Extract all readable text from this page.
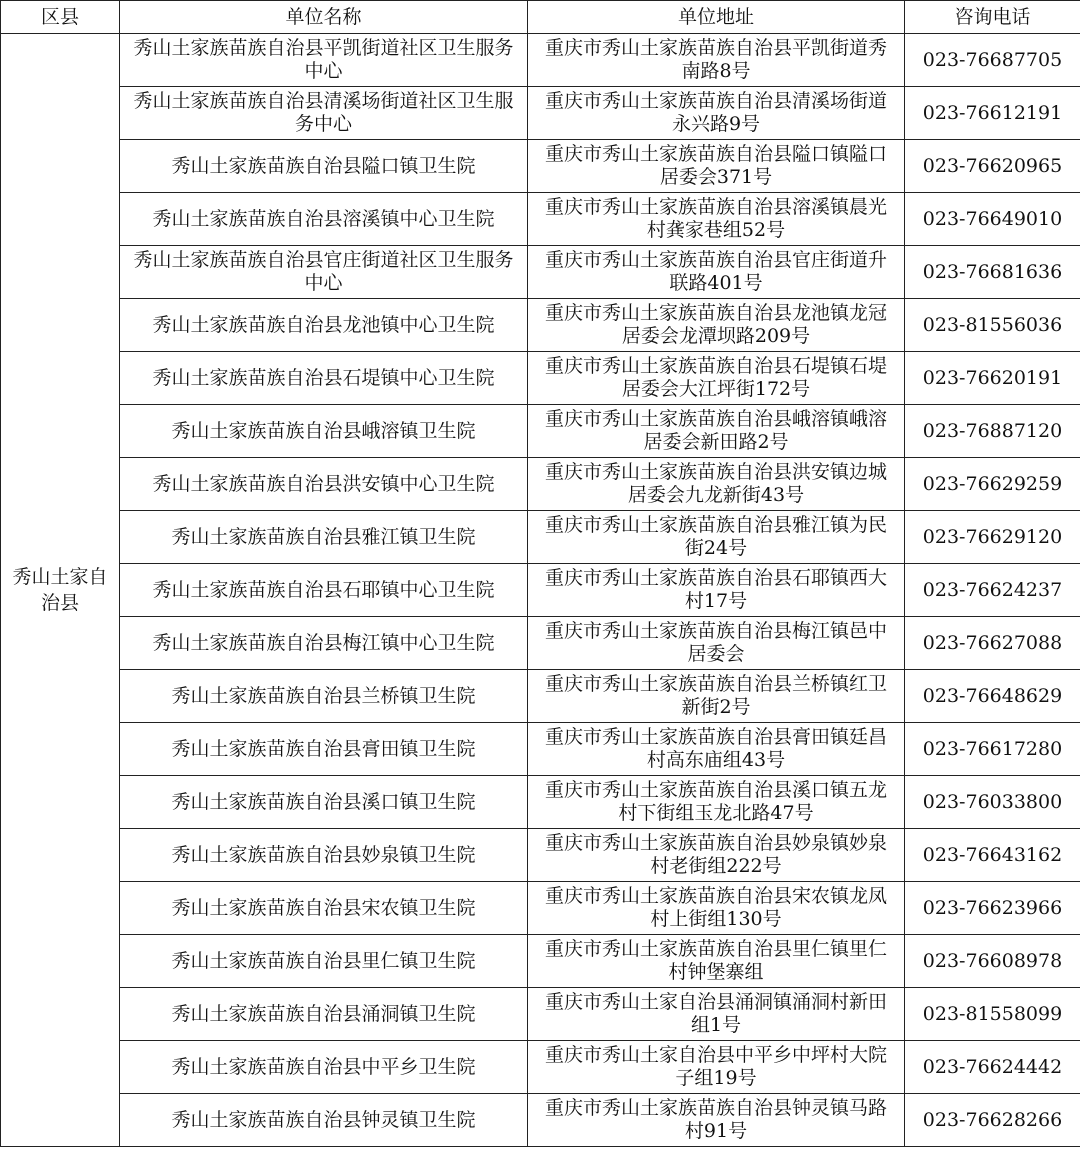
区县	单位名称	单位地址	咨询电话
秀山土家自治县	秀山土家族苗族自治县平凯街道社区卫生服务中心	重庆市秀山土家族苗族自治县平凯街道秀南路8号	023-76687705
	秀山土家族苗族自治县清溪场街道社区卫生服务中心	重庆市秀山土家族苗族自治县清溪场街道永兴路9号	023-76612191
	秀山土家族苗族自治县隘口镇卫生院	重庆市秀山土家族苗族自治县隘口镇隘口居委会371号	023-76620965
	秀山土家族苗族自治县溶溪镇中心卫生院	重庆市秀山土家族苗族自治县溶溪镇晨光村龚家巷组52号	023-76649010
	秀山土家族苗族自治县官庄街道社区卫生服务中心	重庆市秀山土家族苗族自治县官庄街道升联路401号	023-76681636
	秀山土家族苗族自治县龙池镇中心卫生院	重庆市秀山土家族苗族自治县龙池镇龙冠居委会龙潭坝路209号	023-81556036
	秀山土家族苗族自治县石堤镇中心卫生院	重庆市秀山土家族苗族自治县石堤镇石堤居委会大江坪街172号	023-76620191
	秀山土家族苗族自治县峨溶镇卫生院	重庆市秀山土家族苗族自治县峨溶镇峨溶居委会新田路2号	023-76887120
	秀山土家族苗族自治县洪安镇中心卫生院	重庆市秀山土家族苗族自治县洪安镇边城居委会九龙新街43号	023-76629259
	秀山土家族苗族自治县雅江镇卫生院	重庆市秀山土家族苗族自治县雅江镇为民街24号	023-76629120
	秀山土家族苗族自治县石耶镇中心卫生院	重庆市秀山土家族苗族自治县石耶镇西大村17号	023-76624237
	秀山土家族苗族自治县梅江镇中心卫生院	重庆市秀山土家族苗族自治县梅江镇邑中居委会	023-76627088
	秀山土家族苗族自治县兰桥镇卫生院	重庆市秀山土家族苗族自治县兰桥镇红卫新街2号	023-76648629
	秀山土家族苗族自治县膏田镇卫生院	重庆市秀山土家族苗族自治县膏田镇廷昌村高东庙组43号	023-76617280
	秀山土家族苗族自治县溪口镇卫生院	重庆市秀山土家族苗族自治县溪口镇五龙村下街组玉龙北路47号	023-76033800
	秀山土家族苗族自治县妙泉镇卫生院	重庆市秀山土家族苗族自治县妙泉镇妙泉村老街组222号	023-76643162
	秀山土家族苗族自治县宋农镇卫生院	重庆市秀山土家族苗族自治县宋农镇龙凤村上街组130号	023-76623966
	秀山土家族苗族自治县里仁镇卫生院	重庆市秀山土家族苗族自治县里仁镇里仁村钟堡寨组	023-76608978
	秀山土家族苗族自治县涌洞镇卫生院	重庆市秀山土家自治县涌洞镇涌洞村新田组1号	023-81558099
	秀山土家族苗族自治县中平乡卫生院	重庆市秀山土家自治县中平乡中坪村大院子组19号	023-76624442
	秀山土家族苗族自治县钟灵镇卫生院	重庆市秀山土家族苗族自治县钟灵镇马路村91号	023-76628266
